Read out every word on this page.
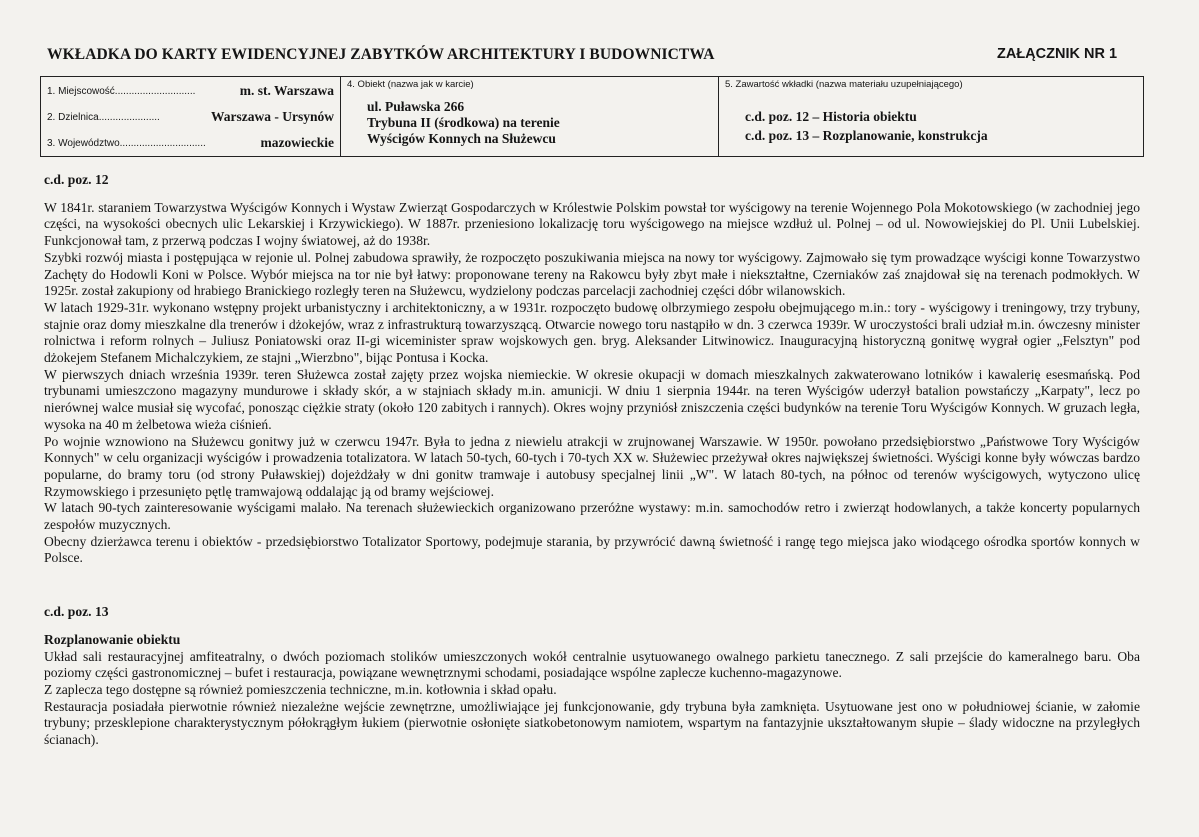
WKŁADKA DO KARTY EWIDENCYJNEJ ZABYTKÓW ARCHITEKTURY I BUDOWNICTWA	ZAŁĄCZNIK NR 1
1. Miejscowość.............................	m. st. Warszawa
2. Dzielnica......................	Warszawa - Ursynów
3. Województwo...............................	mazowieckie
4. Obiekt (nazwa jak w karcie)
ul. Puławska 266
Trybuna II (środkowa) na terenie
Wyścigów Konnych na Służewcu
5. Zawartość wkładki (nazwa materiału uzupełniającego)
c.d. poz. 12 – Historia obiektu
c.d. poz. 13 – Rozplanowanie, konstrukcja

c.d. poz. 12

W 1841r. staraniem Towarzystwa Wyścigów Konnych i Wystaw Zwierząt Gospodarczych w Królestwie Polskim powstał tor wyścigowy na terenie Wojennego Pola Mokotowskiego (w zachodniej jego części, na wysokości obecnych ulic Lekarskiej i Krzywickiego). W 1887r. przeniesiono lokalizację toru wyścigowego na miejsce wzdłuż ul. Polnej – od ul. Nowowiejskiej do Pl. Unii Lubelskiej. Funkcjonował tam, z przerwą podczas I wojny światowej, aż do 1938r.

Szybki rozwój miasta i postępująca w rejonie ul. Polnej zabudowa sprawiły, że rozpoczęto poszukiwania miejsca na nowy tor wyścigowy. Zajmowało się tym prowadzące wyścigi konne Towarzystwo Zachęty do Hodowli Koni w Polsce. Wybór miejsca na tor nie był łatwy: proponowane tereny na Rakowcu były zbyt małe i niekształtne, Czerniaków zaś znajdował się na terenach podmokłych. W 1925r. został zakupiony od hrabiego Branickiego rozległy teren na Służewcu, wydzielony podczas parcelacji zachodniej części dóbr wilanowskich.

W latach 1929-31r. wykonano wstępny projekt urbanistyczny i architektoniczny, a w 1931r. rozpoczęto budowę olbrzymiego zespołu obejmującego m.in.: tory - wyścigowy i treningowy, trzy trybuny, stajnie oraz domy mieszkalne dla trenerów i dżokejów, wraz z infrastrukturą towarzyszącą. Otwarcie nowego toru nastąpiło w dn. 3 czerwca 1939r. W uroczystości brali udział m.in. ówczesny minister rolnictwa i reform rolnych – Juliusz Poniatowski oraz II-gi wiceminister spraw wojskowych gen. bryg. Aleksander Litwinowicz. Inauguracyjną historyczną gonitwę wygrał ogier „Felsztyn" pod dżokejem Stefanem Michalczykiem, ze stajni „Wierzbno", bijąc Pontusa i Kocka.

W pierwszych dniach września 1939r. teren Służewca został zajęty przez wojska niemieckie. W okresie okupacji w domach mieszkalnych zakwaterowano lotników i kawalerię esesmańską. Pod trybunami umieszczono magazyny mundurowe i składy skór, a w stajniach składy m.in. amunicji. W dniu 1 sierpnia 1944r. na teren Wyścigów uderzył batalion powstańczy „Karpaty", lecz po nierównej walce musiał się wycofać, ponosząc ciężkie straty (około 120 zabitych i rannych). Okres wojny przyniósł zniszczenia części budynków na terenie Toru Wyścigów Konnych. W gruzach legła, wysoka na 40 m żelbetowa wieża ciśnień.

Po wojnie wznowiono na Służewcu gonitwy już w czerwcu 1947r. Była to jedna z niewielu atrakcji w zrujnowanej Warszawie. W 1950r. powołano przedsiębiorstwo „Państwowe Tory Wyścigów Konnych" w celu organizacji wyścigów i prowadzenia totalizatora. W latach 50-tych, 60-tych i 70-tych XX w. Służewiec przeżywał okres największej świetności. Wyścigi konne były wówczas bardzo popularne, do bramy toru (od strony Puławskiej) dojeżdżały w dni gonitw tramwaje i autobusy specjalnej linii „W". W latach 80-tych, na północ od terenów wyścigowych, wytyczono ulicę Rzymowskiego i przesunięto pętlę tramwajową oddalając ją od bramy wejściowej.

W latach 90-tych zainteresowanie wyścigami malało. Na terenach służewieckich organizowano przeróżne wystawy: m.in. samochodów retro i zwierząt hodowlanych, a także koncerty popularnych zespołów muzycznych.

Obecny dzierżawca terenu i obiektów - przedsiębiorstwo Totalizator Sportowy, podejmuje starania, by przywrócić dawną świetność i rangę tego miejsca jako wiodącego ośrodka sportów konnych w Polsce.

c.d. poz. 13

Rozplanowanie obiektu

Układ sali restauracyjnej amfiteatralny, o dwóch poziomach stolików umieszczonych wokół centralnie usytuowanego owalnego parkietu tanecznego. Z sali przejście do kameralnego baru. Oba poziomy części gastronomicznej – bufet i restauracja, powiązane wewnętrznymi schodami, posiadające wspólne zaplecze kuchenno-magazynowe.

Z zaplecza tego dostępne są również pomieszczenia techniczne, m.in. kotłownia i skład opału.

Restauracja posiadała pierwotnie również niezależne wejście zewnętrzne, umożliwiające jej funkcjonowanie, gdy trybuna była zamknięta. Usytuowane jest ono w południowej ścianie, w załomie trybuny; przesklepione charakterystycznym półokrągłym łukiem (pierwotnie osłonięte siatkobetonowym namiotem, wspartym na fantazyjnie ukształtowanym słupie – ślady widoczne na przyległych ścianach).
